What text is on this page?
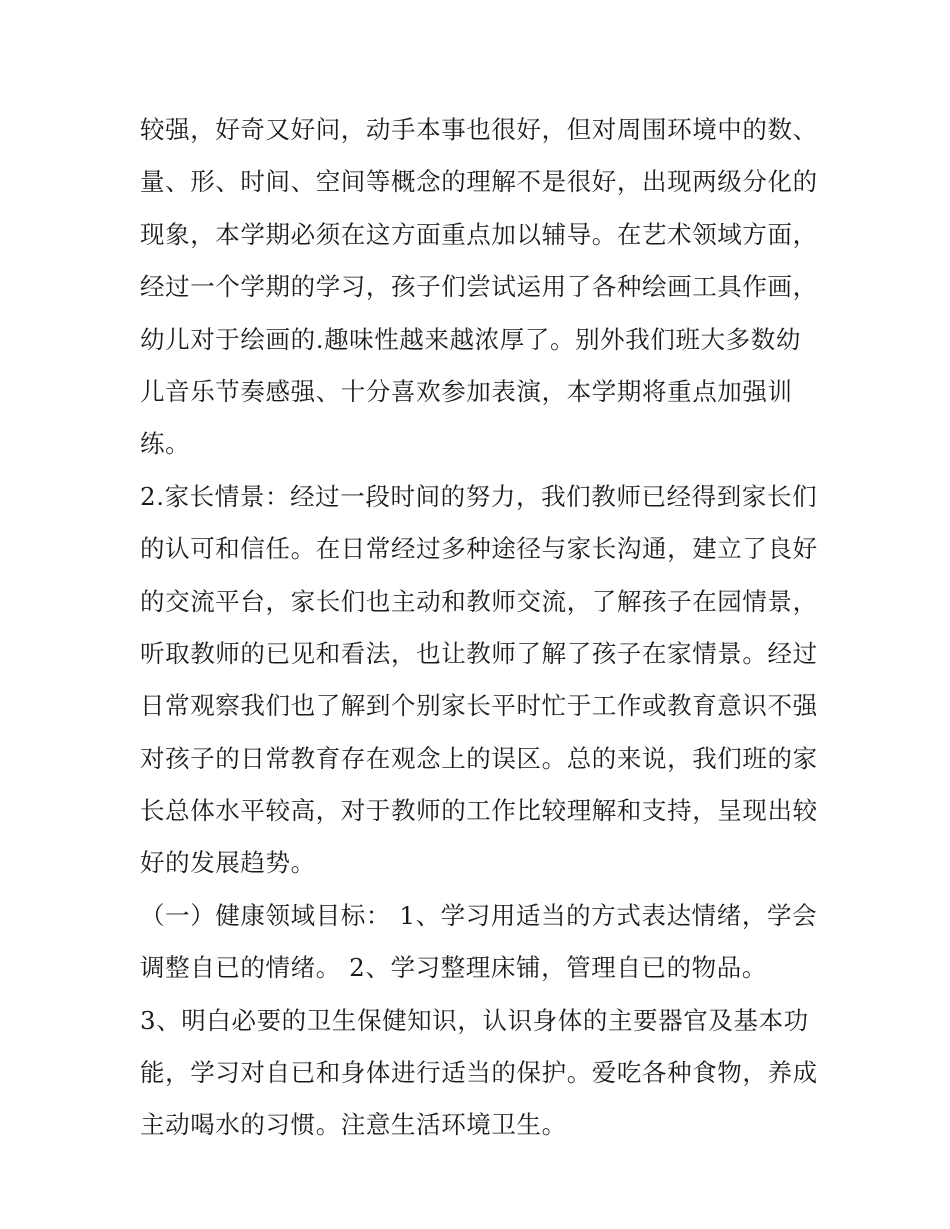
较强，好奇又好问，动手本事也很好，但对周围环境中的数、
量、形、时间、空间等概念的理解不是很好，出现两级分化的
现象，本学期必须在这方面重点加以辅导。在艺术领域方面，
经过一个学期的学习，孩子们尝试运用了各种绘画工具作画，
幼儿对于绘画的.趣味性越来越浓厚了。别外我们班大多数幼
儿音乐节奏感强、十分喜欢参加表演，本学期将重点加强训
练。
2.家长情景：经过一段时间的努力，我们教师已经得到家长们
的认可和信任。在日常经过多种途径与家长沟通，建立了良好
的交流平台，家长们也主动和教师交流，了解孩子在园情景，
听取教师的已见和看法，也让教师了解了孩子在家情景。经过
日常观察我们也了解到个别家长平时忙于工作或教育意识不强
对孩子的日常教育存在观念上的误区。总的来说，我们班的家
长总体水平较高，对于教师的工作比较理解和支持，呈现出较
好的发展趋势。
（一）健康领域目标： 1、学习用适当的方式表达情绪，学会
调整自已的情绪。 2、学习整理床铺，管理自已的物品。
3、明白必要的卫生保健知识，认识身体的主要器官及基本功
能，学习对自已和身体进行适当的保护。爱吃各种食物，养成
主动喝水的习惯。注意生活环境卫生。
